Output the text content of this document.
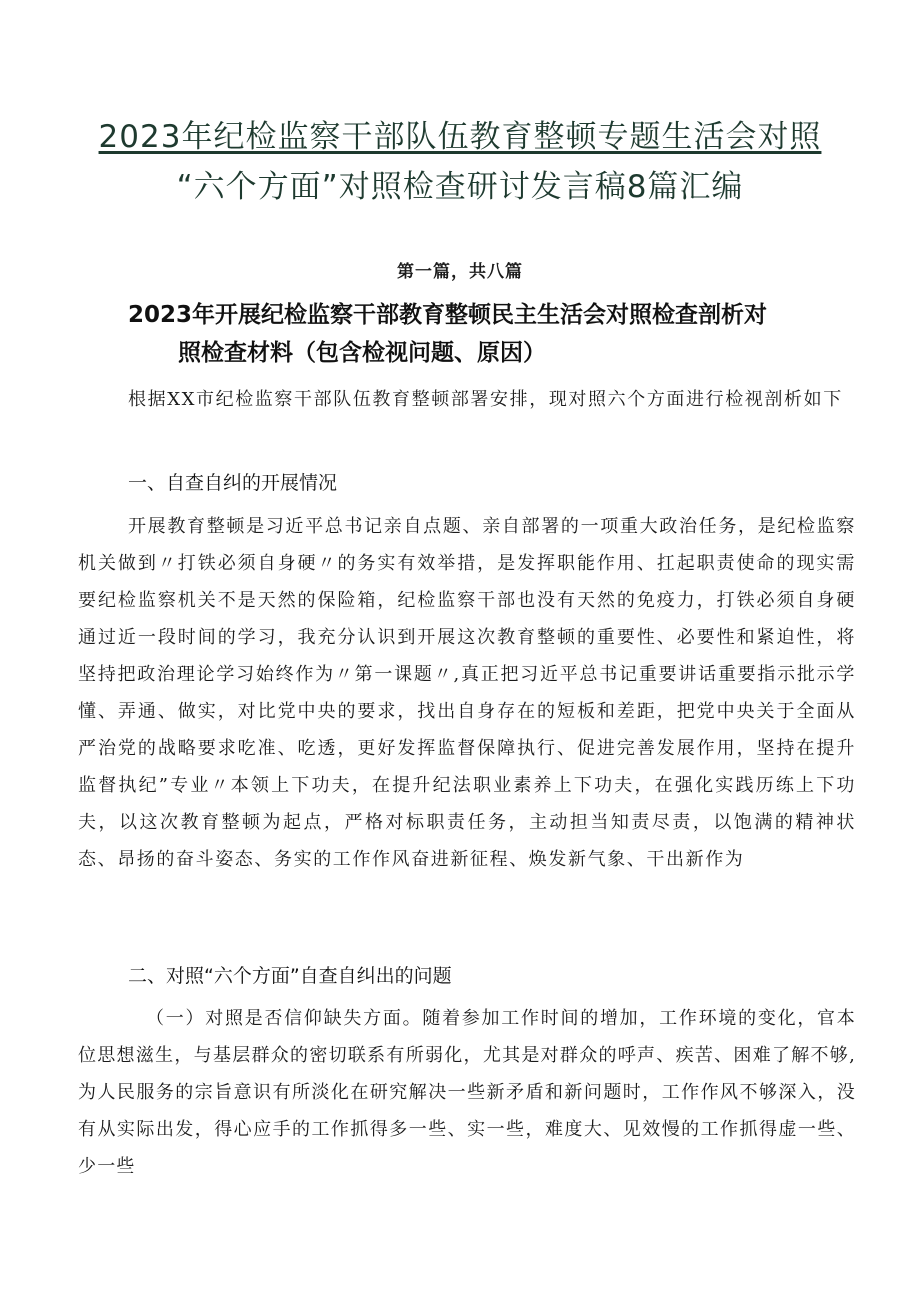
2023年纪检监察干部队伍教育整顿专题生活会对照
“六个方面”对照检查研讨发言稿8篇汇编
第一篇，共八篇
2023年开展纪检监察干部教育整顿民主生活会对照检查剖析对
照检查材料（包含检视问题、原因）
根据XX市纪检监察干部队伍教育整顿部署安排，现对照六个方面进行检视剖析如下
一、自查自纠的开展情况
开展教育整顿是习近平总书记亲自点题、亲自部署的一项重大政治任务，是纪检监察机关做到〃打铁必须自身硬〃的务实有效举措，是发挥职能作用、扛起职责使命的现实需要纪检监察机关不是天然的保险箱，纪检监察干部也没有天然的免疫力，打铁必须自身硬通过近一段时间的学习，我充分认识到开展这次教育整顿的重要性、必要性和紧迫性，将坚持把政治理论学习始终作为〃第一课题〃,真正把习近平总书记重要讲话重要指示批示学懂、弄通、做实，对比党中央的要求，找出自身存在的短板和差距，把党中央关于全面从严治党的战略要求吃准、吃透，更好发挥监督保障执行、促进完善发展作用，坚持在提升监督执纪”专业〃本领上下功夫，在提升纪法职业素养上下功夫，在强化实践历练上下功夫，以这次教育整顿为起点，严格对标职责任务，主动担当知责尽责，以饱满的精神状态、昂扬的奋斗姿态、务实的工作作风奋进新征程、焕发新气象、干出新作为
二、对照“六个方面”自查自纠出的问题
（一）对照是否信仰缺失方面。随着参加工作时间的增加，工作环境的变化，官本位思想滋生，与基层群众的密切联系有所弱化，尤其是对群众的呼声、疾苦、困难了解不够,为人民服务的宗旨意识有所淡化在研究解决一些新矛盾和新问题时，工作作风不够深入，没有从实际出发，得心应手的工作抓得多一些、实一些，难度大、见效慢的工作抓得虚一些、少一些
